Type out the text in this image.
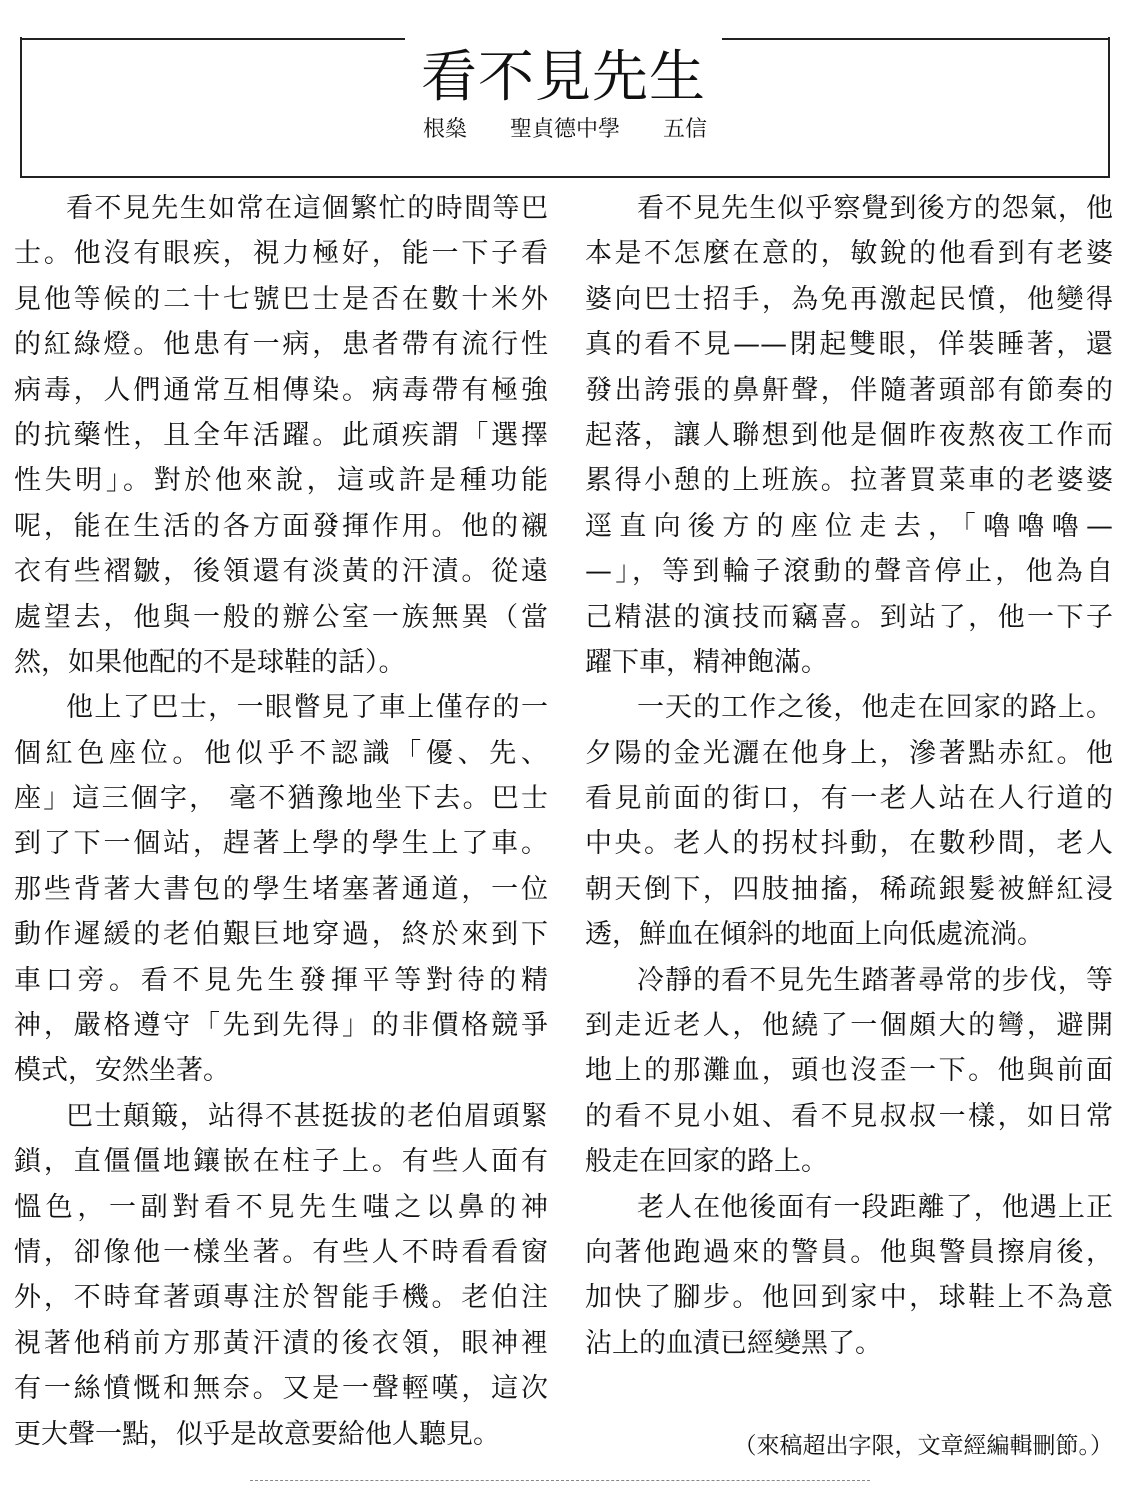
看不見先生
根燊 聖貞德中學 五信
看不見先生如常在這個繁忙的時間等巴
士。他沒有眼疾，視力極好，能一下子看
見他等候的二十七號巴士是否在數十米外
的紅綠燈。他患有一病，患者帶有流行性
病毒，人們通常互相傳染。病毒帶有極強
的抗藥性，且全年活躍。此頑疾謂「選擇
性失明」。對於他來說，這或許是種功能
呢，能在生活的各方面發揮作用。他的襯
衣有些褶皺，後領還有淡黃的汗漬。從遠
處望去，他與一般的辦公室一族無異（當
然，如果他配的不是球鞋的話）。
他上了巴士，一眼瞥見了車上僅存的一
個紅色座位。他似乎不認識「優、先、
座」這三個字， 毫不猶豫地坐下去。巴士
到了下一個站，趕著上學的學生上了車。
那些背著大書包的學生堵塞著通道，一位
動作遲緩的老伯艱巨地穿過，終於來到下
車口旁。看不見先生發揮平等對待的精
神，嚴格遵守「先到先得」的非價格競爭
模式，安然坐著。
巴士顛簸，站得不甚挺拔的老伯眉頭緊
鎖，直僵僵地鑲嵌在柱子上。有些人面有
慍色，一副對看不見先生嗤之以鼻的神
情，卻像他一樣坐著。有些人不時看看窗
外，不時耷著頭專注於智能手機。老伯注
視著他稍前方那黃汗漬的後衣領，眼神裡
有一絲憤慨和無奈。又是一聲輕嘆，這次
更大聲一點，似乎是故意要給他人聽見。
看不見先生似乎察覺到後方的怨氣，他
本是不怎麼在意的，敏銳的他看到有老婆
婆向巴士招手，為免再激起民憤，他變得
真的看不見——閉起雙眼，佯裝睡著，還
發出誇張的鼻鼾聲，伴隨著頭部有節奏的
起落，讓人聯想到他是個昨夜熬夜工作而
累得小憩的上班族。拉著買菜車的老婆婆
逕直向後方的座位走去，「嚕嚕嚕—
—」，等到輪子滾動的聲音停止，他為自
己精湛的演技而竊喜。到站了，他一下子
躍下車，精神飽滿。
一天的工作之後，他走在回家的路上。
夕陽的金光灑在他身上，滲著點赤紅。他
看見前面的街口，有一老人站在人行道的
中央。老人的拐杖抖動，在數秒間，老人
朝天倒下，四肢抽搐，稀疏銀髮被鮮紅浸
透，鮮血在傾斜的地面上向低處流淌。
冷靜的看不見先生踏著尋常的步伐，等
到走近老人，他繞了一個頗大的彎，避開
地上的那灘血，頭也沒歪一下。他與前面
的看不見小姐、看不見叔叔一樣，如日常
般走在回家的路上。
老人在他後面有一段距離了，他遇上正
向著他跑過來的警員。他與警員擦肩後，
加快了腳步。他回到家中，球鞋上不為意
沾上的血漬已經變黑了。
（來稿超出字限，文章經編輯刪節。）
